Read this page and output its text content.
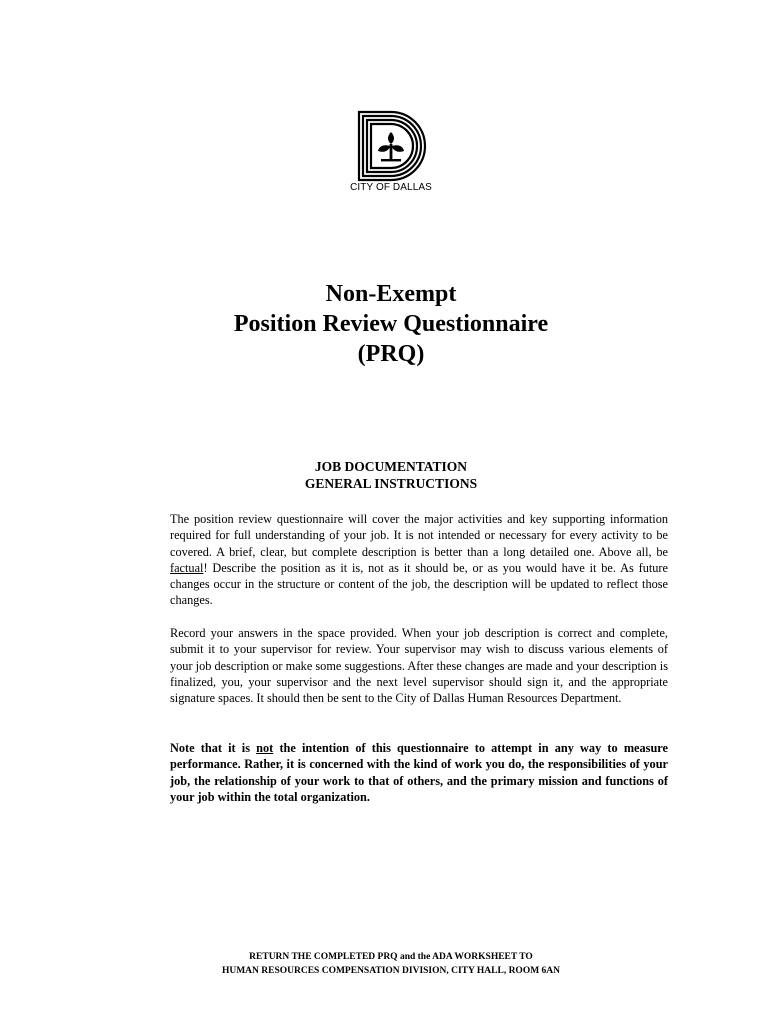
CITY OF DALLAS
Non-Exempt
Position Review Questionnaire
(PRQ)
JOB DOCUMENTATION
GENERAL INSTRUCTIONS

The position review questionnaire will cover the major activities and key supporting information required for full understanding of your job. It is not intended or necessary for every activity to be covered. A brief, clear, but complete description is better than a long detailed one. Above all, be factual! Describe the position as it is, not as it should be, or as you would have it be. As future changes occur in the structure or content of the job, the description will be updated to reflect those changes.

Record your answers in the space provided. When your job description is correct and complete, submit it to your supervisor for review. Your supervisor may wish to discuss various elements of your job description or make some suggestions. After these changes are made and your description is finalized, you, your supervisor and the next level supervisor should sign it, and the appropriate signature spaces. It should then be sent to the City of Dallas Human Resources Department.

Note that it is not the intention of this questionnaire to attempt in any way to measure performance. Rather, it is concerned with the kind of work you do, the responsibilities of your job, the relationship of your work to that of others, and the primary mission and functions of your job within the total organization.

RETURN THE COMPLETED PRQ and the ADA WORKSHEET TO
HUMAN RESOURCES COMPENSATION DIVISION, CITY HALL, ROOM 6AN
